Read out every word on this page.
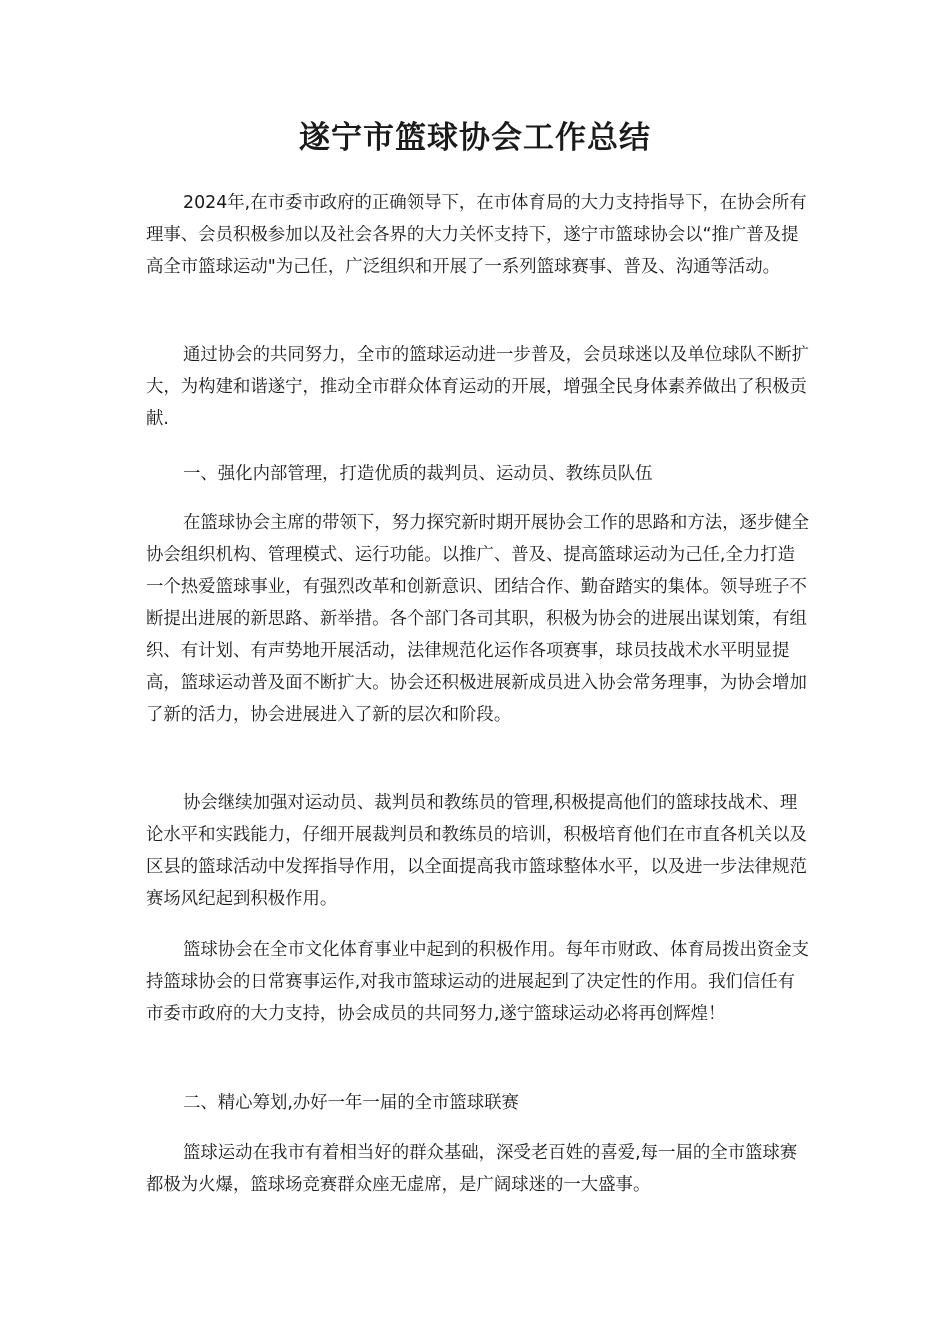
遂宁市篮球协会工作总结

2024年,在市委市政府的正确领导下，在市体育局的大力支持指导下，在协会所有理事、会员积极参加以及社会各界的大力关怀支持下，遂宁市篮球协会以“推广普及提高全市篮球运动"为己任，广泛组织和开展了一系列篮球赛事、普及、沟通等活动。

通过协会的共同努力，全市的篮球运动进一步普及，会员球迷以及单位球队不断扩大，为构建和谐遂宁，推动全市群众体育运动的开展，增强全民身体素养做出了积极贡献.

一、强化内部管理，打造优质的裁判员、运动员、教练员队伍

在篮球协会主席的带领下，努力探究新时期开展协会工作的思路和方法，逐步健全协会组织机构、管理模式、运行功能。以推广、普及、提高篮球运动为己任,全力打造一个热爱篮球事业，有强烈改革和创新意识、团结合作、勤奋踏实的集体。领导班子不断提出进展的新思路、新举措。各个部门各司其职，积极为协会的进展出谋划策，有组织、有计划、有声势地开展活动，法律规范化运作各项赛事，球员技战术水平明显提高，篮球运动普及面不断扩大。协会还积极进展新成员进入协会常务理事，为协会增加了新的活力，协会进展进入了新的层次和阶段。

协会继续加强对运动员、裁判员和教练员的管理,积极提高他们的篮球技战术、理论水平和实践能力，仔细开展裁判员和教练员的培训，积极培育他们在市直各机关以及区县的篮球活动中发挥指导作用，以全面提高我市篮球整体水平，以及进一步法律规范赛场风纪起到积极作用。

篮球协会在全市文化体育事业中起到的积极作用。每年市财政、体育局拨出资金支持篮球协会的日常赛事运作,对我市篮球运动的进展起到了决定性的作用。我们信任有市委市政府的大力支持，协会成员的共同努力,遂宁篮球运动必将再创辉煌！

二、精心筹划,办好一年一届的全市篮球联赛

篮球运动在我市有着相当好的群众基础，深受老百姓的喜爱,每一届的全市篮球赛都极为火爆，篮球场竞赛群众座无虚席，是广阔球迷的一大盛事。
